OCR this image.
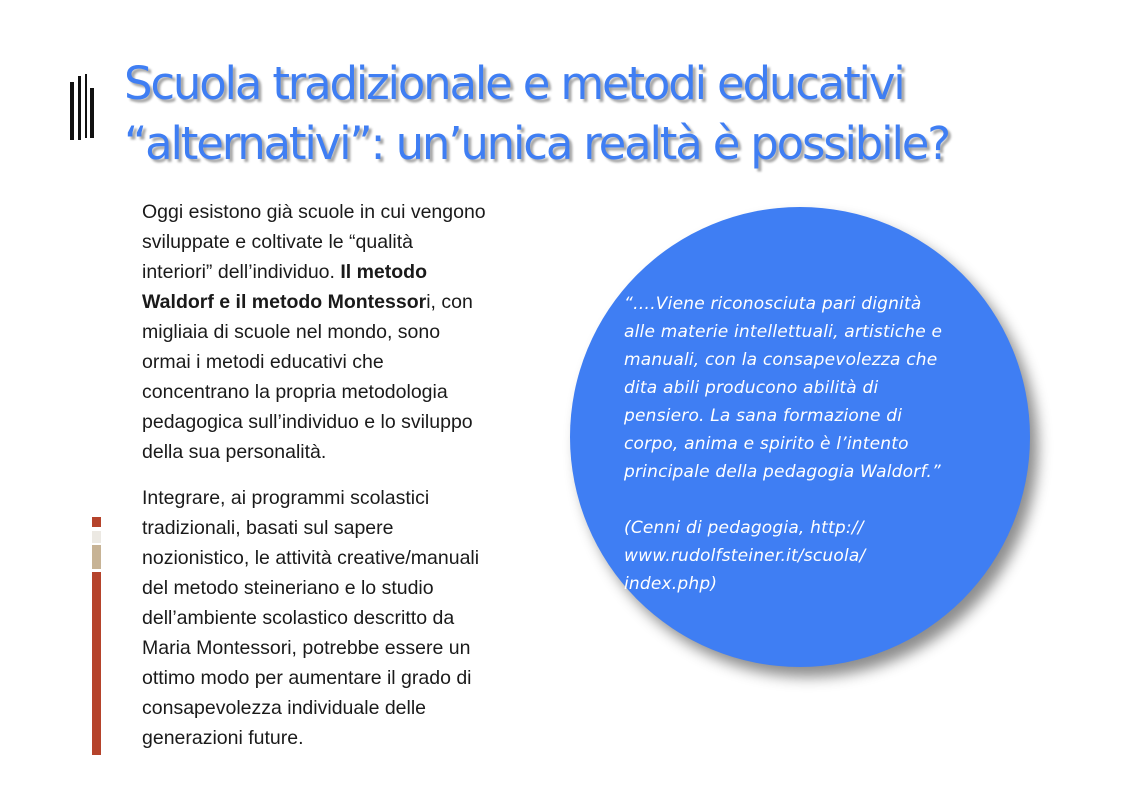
Scuola tradizionale e metodi educativi
“alternativi”: un’unica realtà è possibile?

Oggi esistono già scuole in cui vengono
sviluppate e coltivate le “qualità
interiori” dell’individuo. Il metodo
Waldorf e il metodo Montessori, con
migliaia di scuole nel mondo, sono
ormai i metodi educativi che
concentrano la propria metodologia
pedagogica sull’individuo e lo sviluppo
della sua personalità.

Integrare, ai programmi scolastici
tradizionali, basati sul sapere
nozionistico, le attività creative/manuali
del metodo steineriano e lo studio
dell’ambiente scolastico descritto da
Maria Montessori, potrebbe essere un
ottimo modo per aumentare il grado di
consapevolezza individuale delle
generazioni future.

“….Viene riconosciuta pari dignità
alle materie intellettuali, artistiche e
manuali, con la consapevolezza che
dita abili producono abilità di
pensiero. La sana formazione di
corpo, anima e spirito è l’intento
principale della pedagogia Waldorf.”
(Cenni di pedagogia, http://
www.rudolfsteiner.it/scuola/
index.php)
